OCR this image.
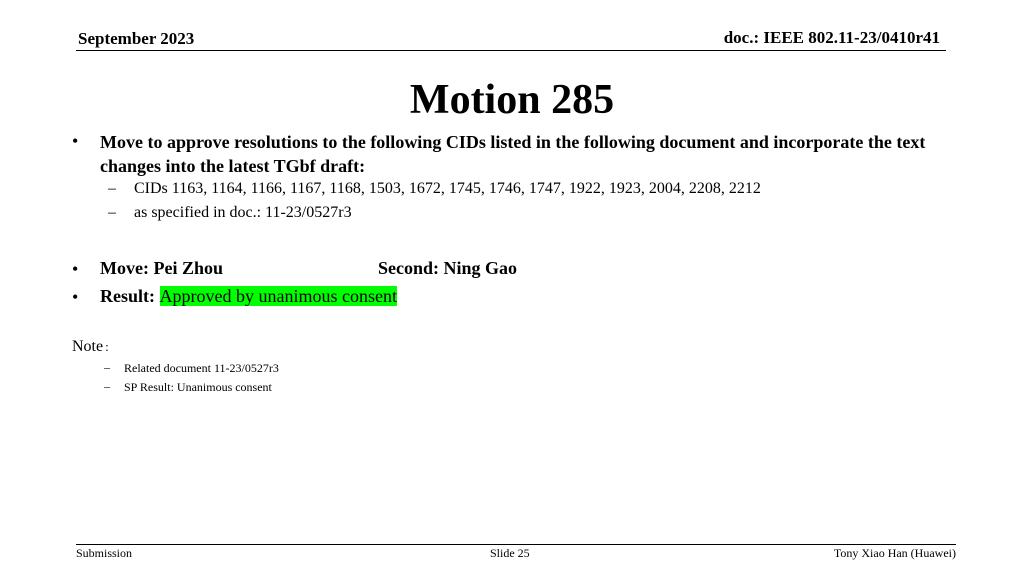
September 2023	doc.: IEEE 802.11-23/0410r41
Motion 285
• Move to approve resolutions to the following CIDs listed in the following document and incorporate the text changes into the latest TGbf draft:
– CIDs 1163, 1164, 1166, 1167, 1168, 1503, 1672, 1745, 1746, 1747, 1922, 1923, 2004, 2208, 2212
– as specified in doc.: 11-23/0527r3
• Move: Pei Zhou	Second: Ning Gao
• Result: Approved by unanimous consent
Note :
– Related document 11-23/0527r3
– SP Result: Unanimous consent
Submission	Slide 25	Tony Xiao Han (Huawei)
